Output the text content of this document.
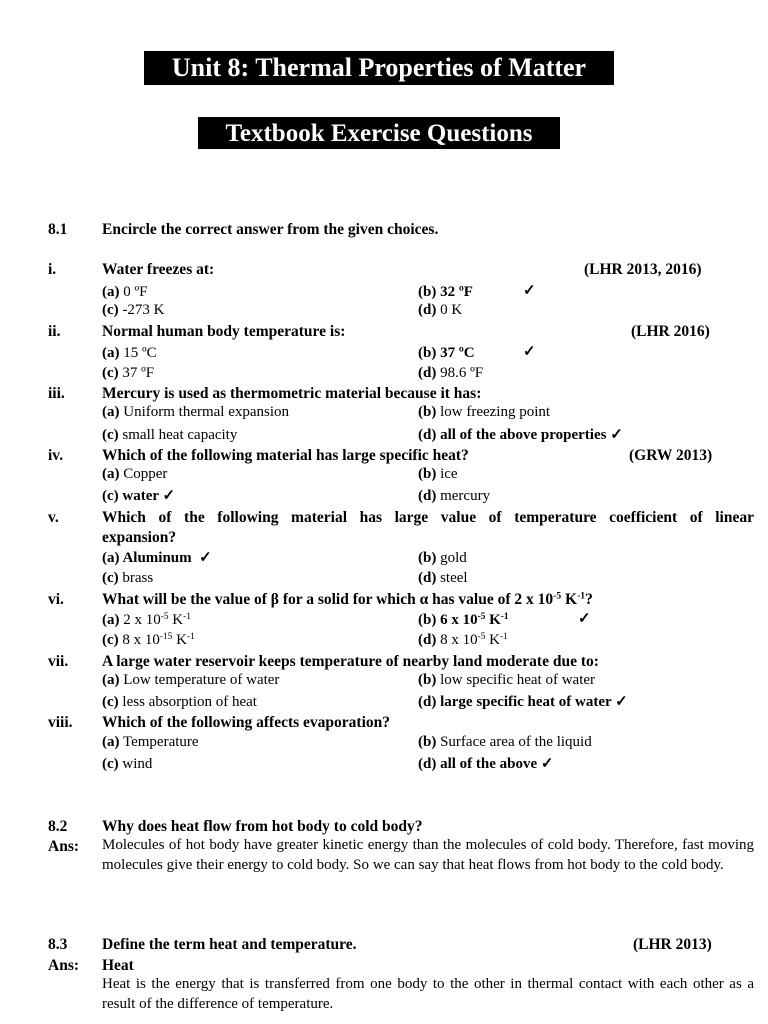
Unit 8: Thermal Properties of Matter
Textbook Exercise Questions
8.1 Encircle the correct answer from the given choices.
i.	Water freezes at:	(LHR 2013, 2016)
(a) 0 ºF	(b) 32 ºF	✓
(c) -273 K	(d) 0 K
ii.	Normal human body temperature is:	(LHR 2016)
(a) 15 ºC	(b) 37 ºC	✓
(c) 37 ºF	(d) 98.6 ºF
iii. Mercury is used as thermometric material because it has:
(a) Uniform thermal expansion	(b) low freezing point
(c) small heat capacity	(d) all of the above properties ✓
iv.	Which of the following material has large specific heat?	(GRW 2013)
(a) Copper	(b) ice
(c) water ✓	(d) mercury
v.	Which of the following material has large value of temperature coefficient of linear
expansion?
(a) Aluminum ✓	(b) gold
(c) brass	(d) steel
vi. What will be the value of β for a solid for which α has value of 2 x $10^{-5}$ $K^{-1}$?
(a) 2 x $10^{-5}$ $K^{-1}$	(b) 6 x $10^{-5}$ $K^{-1}$	✓
(c) 8 x $10^{-15}$ $K^{-1}$	(d) 8 x $10^{-5}$ $K^{-1}$
vii. A large water reservoir keeps temperature of nearby land moderate due to:
(a) Low temperature of water	(b) low specific heat of water
(c) less absorption of heat	(d) large specific heat of water ✓
viii. Which of the following affects evaporation?
(a) Temperature	(b) Surface area of the liquid
(c) wind	(d) all of the above ✓
8.2 Why does heat flow from hot body to cold body?
Ans: Molecules of hot body have greater kinetic energy than the molecules of cold body. Therefore, fast moving molecules give their energy to cold body. So we can say that heat flows from hot body to the cold body.
8.3 Define the term heat and temperature.	(LHR 2013)
Ans: Heat
Heat is the energy that is transferred from one body to the other in thermal contact with each other as a result of the difference of temperature.
